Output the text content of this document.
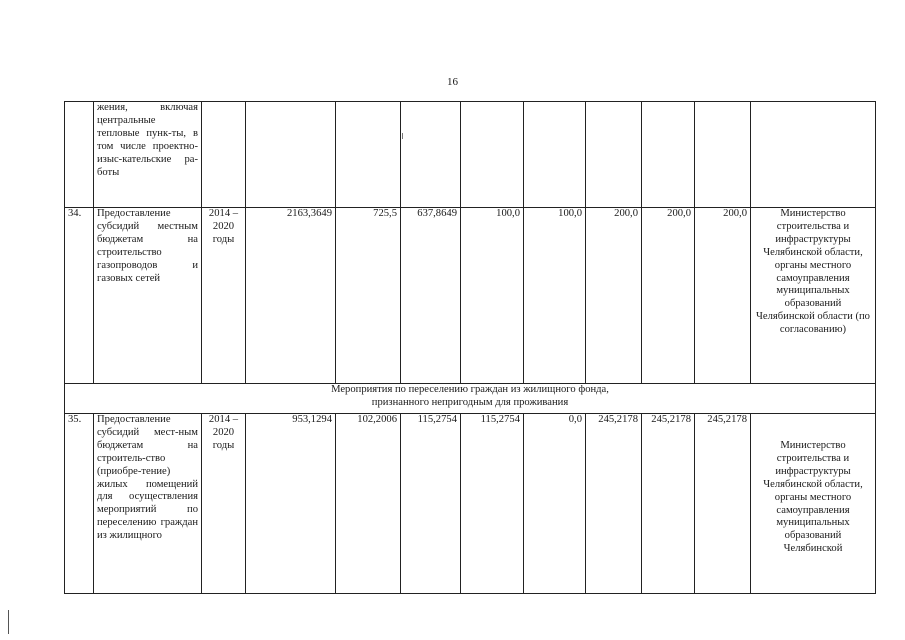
16
	жения, включая центральные тепловые пунк-ты, в том числе проектно-изыс-кательские ра-боты										
34.	Предоставление субсидий местным бюджетам на строительство газопроводов и газовых сетей	2014 – 2020 годы	2163,3649	725,5	637,8649	100,0	100,0	200,0	200,0	200,0	Министерство строительства и инфраструктуры Челябинской области, органы местного самоуправления муниципальных образований Челябинской области (по согласованию)

Мероприятия по переселению граждан из жилищного фонда,
признанного непригодным для проживания											

35.	Предоставление субсидий мест-ным бюджетам на строитель-ство (приобре-тение) жилых помещений для осуществления мероприятий по переселению граждан из жилищного	2014 – 2020 годы	953,1294	102,2006	115,2754	115,2754	0,0	245,2178	245,2178	245,2178	Министерство строительства и инфраструктуры Челябинской области, органы местного самоуправления муниципальных образований Челябинской
